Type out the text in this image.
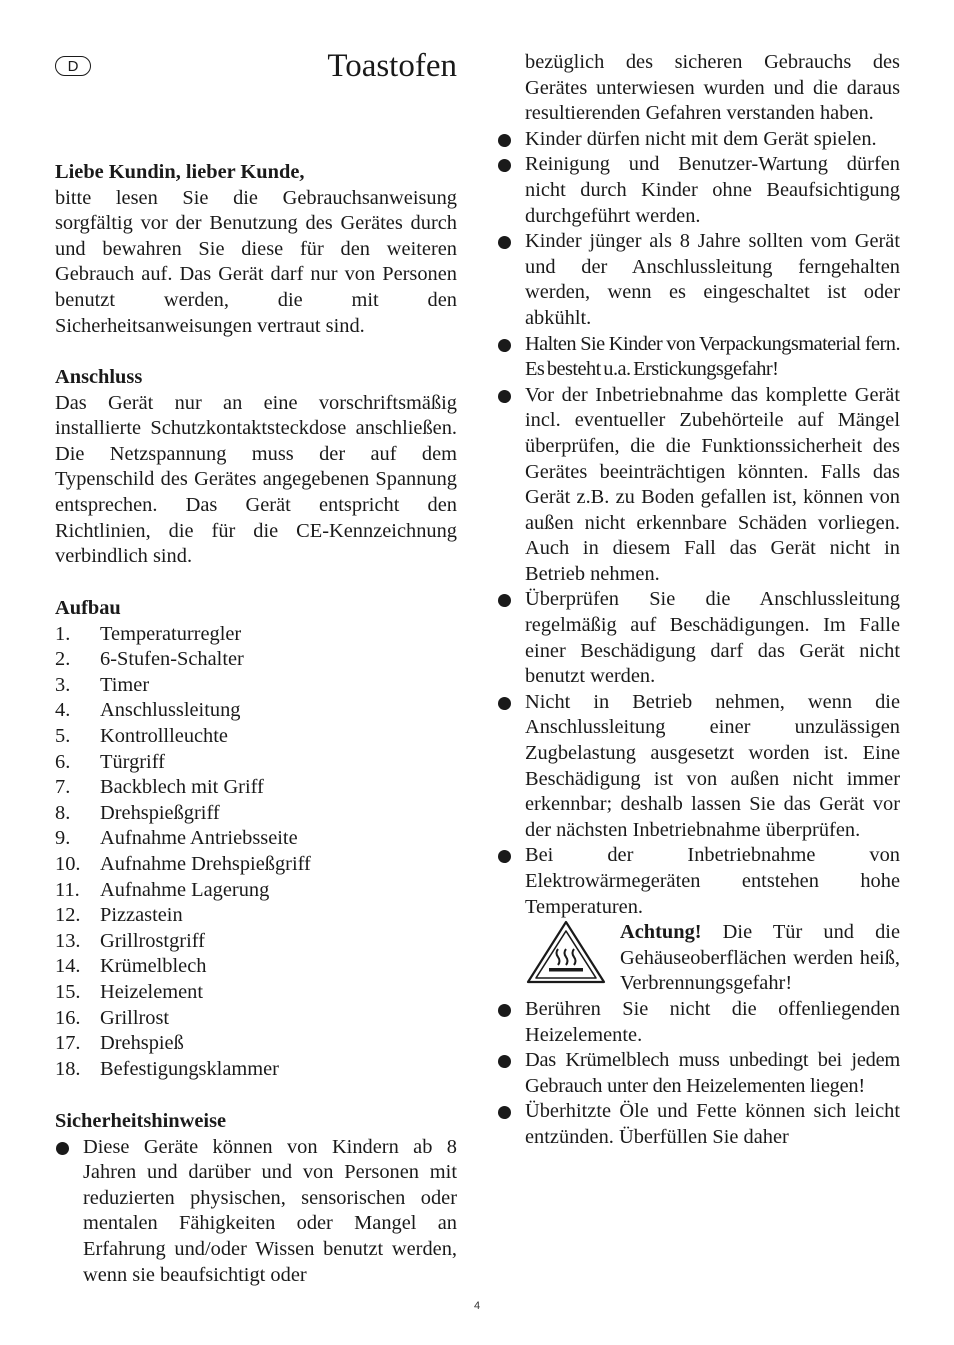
D	Toastofen

Liebe Kundin, lieber Kunde,

bitte lesen Sie die Gebrauchsanweisung sorgfältig vor der Benutzung des Gerätes durch und bewahren Sie diese für den weiteren Gebrauch auf. Das Gerät darf nur von Personen benutzt werden, die mit den Sicherheitsanweisungen vertraut sind.

Anschluss

Das Gerät nur an eine vorschriftsmäßig installierte Schutzkontaktsteckdose anschließen. Die Netzspannung muss der auf dem Typenschild des Gerätes angegebenen Spannung entsprechen. Das Gerät entspricht den Richtlinien, die für die CE-Kennzeichnung verbindlich sind.

Aufbau

1.	Temperaturregler
2.	6-Stufen-Schalter
3.	Timer
4.	Anschlussleitung
5.	Kontrollleuchte
6.	Türgriff
7.	Backblech mit Griff
8.	Drehspießgriff
9.	Aufnahme Antriebsseite
10. Aufnahme Drehspießgriff
11. Aufnahme Lagerung
12. Pizzastein
13. Grillrostgriff
14. Krümelblech
15. Heizelement
16. Grillrost
17. Drehspieß
18. Befestigungsklammer

Sicherheitshinweise

Diese Geräte können von Kindern ab 8 Jahren und darüber und von Personen mit reduzierten physischen, sensorischen oder mentalen Fähigkeiten oder Mangel an Erfahrung und/oder Wissen benutzt werden, wenn sie beaufsichtigt oder

bezüglich des sicheren Gebrauchs des Gerätes unterwiesen wurden und die daraus resultierenden Gefahren verstanden haben.

Kinder dürfen nicht mit dem Gerät spielen.
Reinigung und Benutzer-Wartung dürfen nicht durch Kinder ohne Beaufsichtigung durchgeführt werden.
Kinder jünger als 8 Jahre sollten vom Gerät und der Anschlussleitung ferngehalten werden, wenn es eingeschaltet ist oder abkühlt.
Halten Sie Kinder von Verpackungsmaterial fern. Es besteht u.a. Erstickungsgefahr!
Vor der Inbetriebnahme das komplette Gerät incl. eventueller Zubehörteile auf Mängel überprüfen, die die Funktionssicherheit des Gerätes beeinträchtigen könnten. Falls das Gerät z.B. zu Boden gefallen ist, können von außen nicht erkennbare Schäden vorliegen. Auch in diesem Fall das Gerät nicht in Betrieb nehmen.
Überprüfen Sie die Anschlussleitung regelmäßig auf Beschädigungen. Im Falle einer Beschädigung darf das Gerät nicht benutzt werden.
Nicht in Betrieb nehmen, wenn die Anschlussleitung einer unzulässigen Zugbelastung ausgesetzt worden ist. Eine Beschädigung ist von außen nicht immer erkennbar; deshalb lassen Sie das Gerät vor der nächsten Inbetriebnahme überprüfen.
Bei der Inbetriebnahme von Elektrowärmegeräten entstehen hohe Temperaturen.

Achtung! Die Tür und die Gehäuseoberflächen werden heiß, Verbrennungsgefahr!

Berühren Sie nicht die offenliegenden Heizelemente.
Das Krümelblech muss unbedingt bei jedem Gebrauch unter den Heizelementen liegen!
Überhitzte Öle und Fette können sich leicht entzünden. Überfüllen Sie daher
4
